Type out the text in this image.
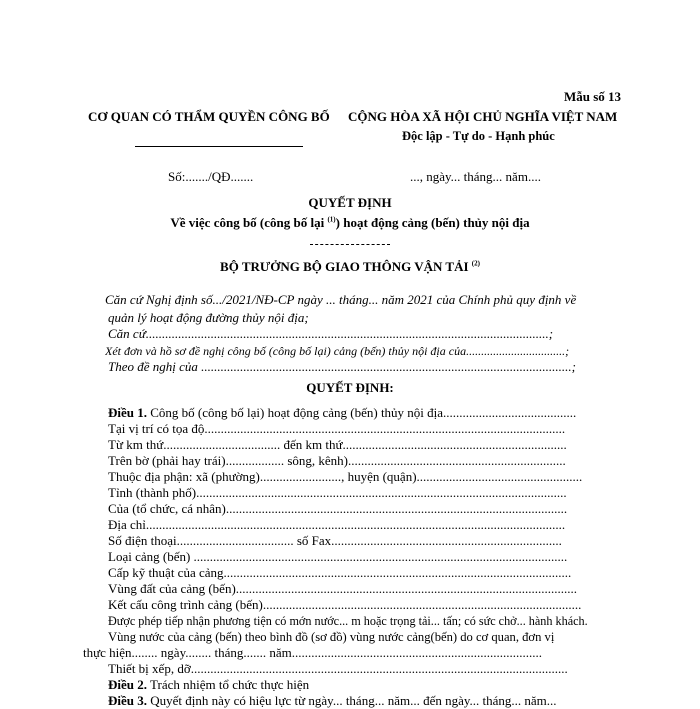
Mẫu số 13
CƠ QUAN CÓ THẨM QUYỀN CÔNG BỐ CỘNG HÒA XÃ HỘI CHỦ NGHĨA VIỆT NAM
Độc lập - Tự do - Hạnh phúc
Số:......./QĐ.......	..., ngày... tháng... năm....
QUYẾT ĐỊNH
Về việc công bố (công bố lại $^{(1)}$) hoạt động cảng (bến) thủy nội địa
BỘ TRƯỞNG BỘ GIAO THÔNG VẬN TẢI $^{(2)}$
Căn cứ Nghị định số.../2021/NĐ-CP ngày ... tháng... năm 2021 của Chính phủ quy định về
quản lý hoạt động đường thủy nội địa;
Căn cứ............................................................................................................................;
Xét đơn và hồ sơ đề nghị công bố (công bố lại) cảng (bến) thủy nội địa của.................................;
Theo đề nghị của ..................................................................................................................;
QUYẾT ĐỊNH:
Điều 1. Công bố (công bố lại) hoạt động cảng (bến) thủy nội địa.........................................
Tại vị trí có tọa độ...............................................................................................................
Từ km thứ.................................... đến km thứ.....................................................................
Trên bờ (phải hay trái).................. sông, kênh)...................................................................
Thuộc địa phận: xã (phường)........................., huyện (quận)...................................................
Tỉnh (thành phố)..................................................................................................................
Của (tổ chức, cá nhân).........................................................................................................
Địa chỉ.................................................................................................................................
Số điện thoại.................................... số Fax.......................................................................
Loại cảng (bến) ...................................................................................................................
Cấp kỹ thuật của cảng...........................................................................................................
Vùng đất của cảng (bến).........................................................................................................
Kết cấu công trình cảng (bến)..................................................................................................
Được phép tiếp nhận phương tiện có mớn nước... m hoặc trọng tải... tấn; có sức chở... hành khách.
Vùng nước của cảng (bến) theo bình đồ (sơ đồ) vùng nước cảng(bến) do cơ quan, đơn vị
thực hiện........ ngày........ tháng....... năm.............................................................................
Thiết bị xếp, dỡ....................................................................................................................
Điều 2. Trách nhiệm tổ chức thực hiện
Điều 3. Quyết định này có hiệu lực từ ngày... tháng... năm... đến ngày... tháng... năm...
